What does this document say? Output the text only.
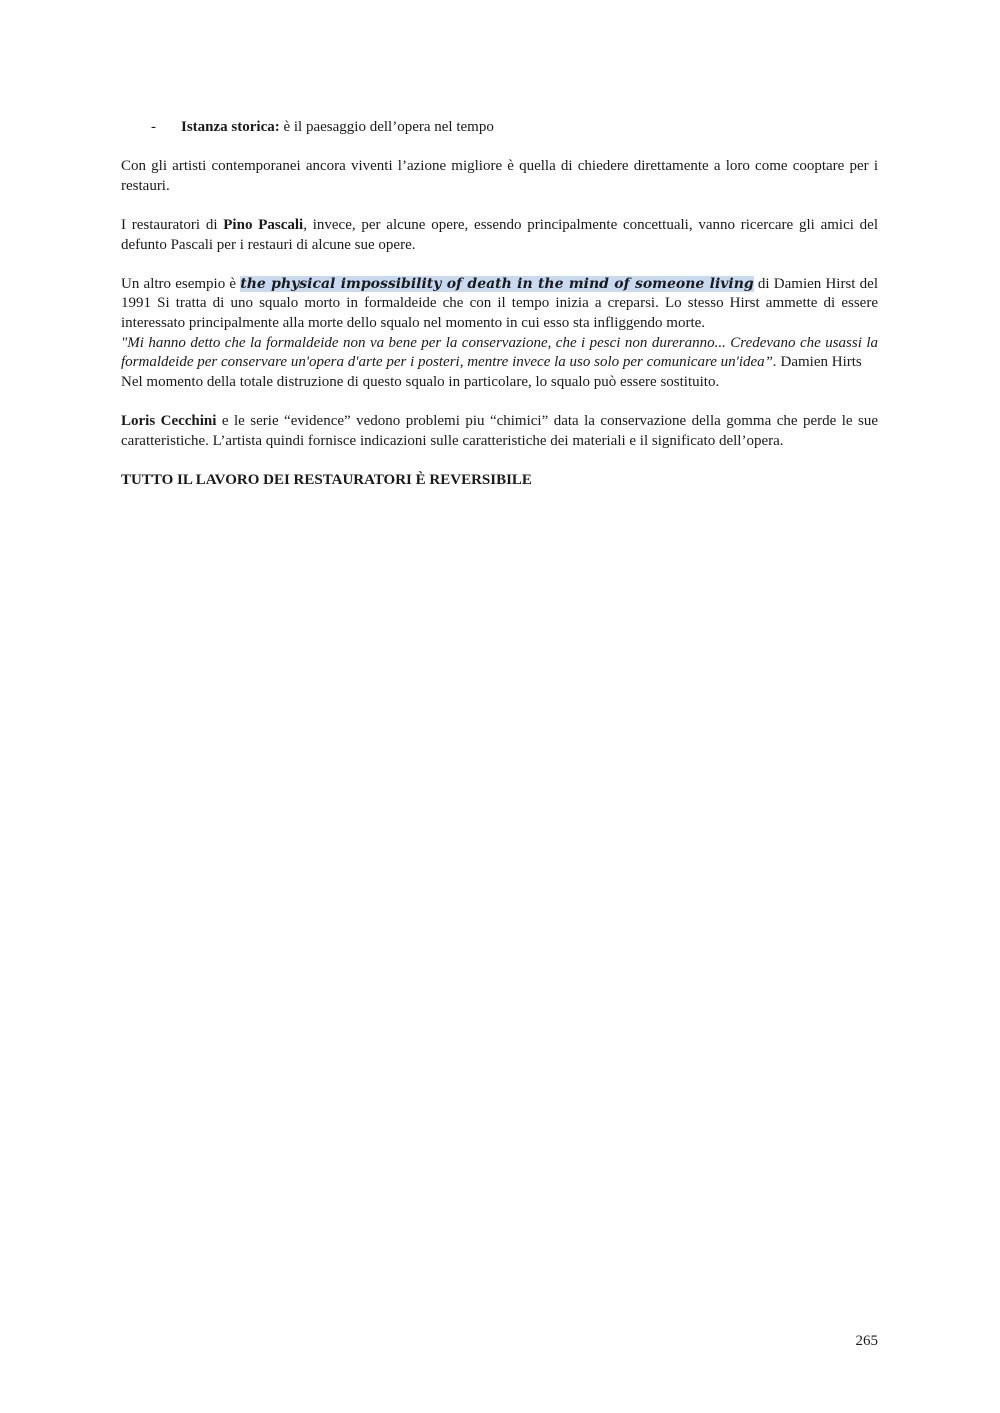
- Istanza storica: è il paesaggio dell’opera nel tempo

Con gli artisti contemporanei ancora viventi l’azione migliore è quella di chiedere direttamente a loro come cooptare per i restauri.

I restauratori di Pino Pascali, invece, per alcune opere, essendo principalmente concettuali, vanno ricercare gli amici del defunto Pascali per i restauri di alcune sue opere.

Un altro esempio è the physical impossibility of death in the mind of someone living di Damien Hirst del 1991 Si tratta di uno squalo morto in formaldeide che con il tempo inizia a creparsi. Lo stesso Hirst ammette di essere interessato principalmente alla morte dello squalo nel momento in cui esso sta infliggendo morte.

"Mi hanno detto che la formaldeide non va bene per la conservazione, che i pesci non dureranno... Credevano che usassi la formaldeide per conservare un'opera d'arte per i posteri, mentre invece la uso solo per comunicare un'idea”. Damien Hirts

Nel momento della totale distruzione di questo squalo in particolare, lo squalo può essere sostituito.

Loris Cecchini e le serie “evidence” vedono problemi piu “chimici” data la conservazione della gomma che perde le sue caratteristiche. L’artista quindi fornisce indicazioni sulle caratteristiche dei materiali e il significato dell’opera.

TUTTO IL LAVORO DEI RESTAURATORI È REVERSIBILE

265
